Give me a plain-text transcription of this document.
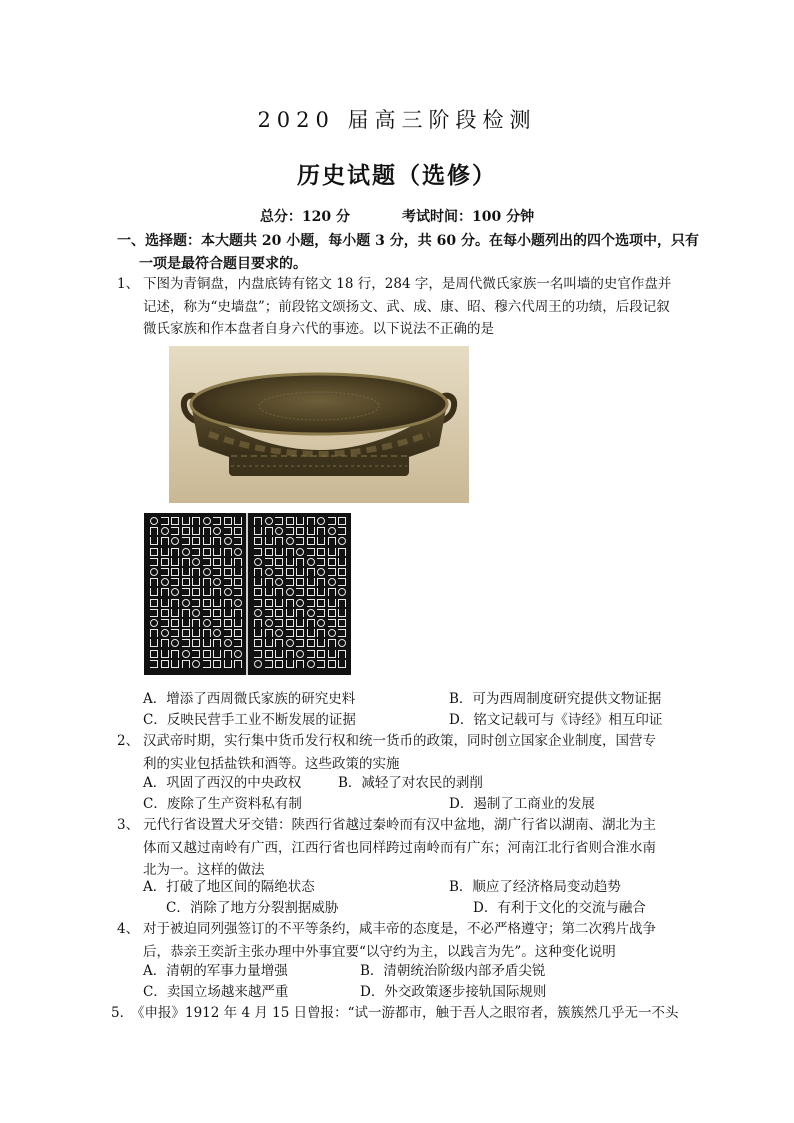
2020 届高三阶段检测
历史试题（选修）
总分：120 分	考试时间：100 分钟
一、选择题：本大题共 20 小题，每小题 3 分，共 60 分。在每小题列出的四个选项中，只有
一项是最符合题目要求的。
1、 下图为青铜盘，内盘底铸有铭文 18 行，284 字，是周代微氏家族一名叫墙的史官作盘并
记述，称为“史墙盘”；前段铭文颂扬文、武、成、康、昭、穆六代周王的功绩，后段记叙
微氏家族和作本盘者自身六代的事迹。以下说法不正确的是
A．增添了西周微氏家族的研究史料	B．可为西周制度研究提供文物证据
C．反映民营手工业不断发展的证据	D．铭文记载可与《诗经》相互印证
2、 汉武帝时期，实行集中货币发行权和统一货币的政策，同时创立国家企业制度，国营专
利的实业包括盐铁和酒等。这些政策的实施
A．巩固了西汉的中央政权	B．减轻了对农民的剥削
C．废除了生产资料私有制	D．遏制了工商业的发展
3、 元代行省设置犬牙交错：陕西行省越过秦岭而有汉中盆地，湖广行省以湖南、湖北为主
体而又越过南岭有广西，江西行省也同样跨过南岭而有广东；河南江北行省则合淮水南
北为一。这样的做法
A．打破了地区间的隔绝状态	B．顺应了经济格局变动趋势
C．消除了地方分裂割据威胁	D．有利于文化的交流与融合
4、 对于被迫同列强签订的不平等条约，咸丰帝的态度是，不必严格遵守；第二次鸦片战争
后，恭亲王奕訢主张办理中外事宜要“以守约为主，以践言为先”。这种变化说明
A．清朝的军事力量增强	B．清朝统治阶级内部矛盾尖锐
C．卖国立场越来越严重	D．外交政策逐步接轨国际规则
5．
《申报》1912 年 4 月 15 日曾报：“试一游都市，触于吾人之眼帘者，簇簇然几乎无一不头
